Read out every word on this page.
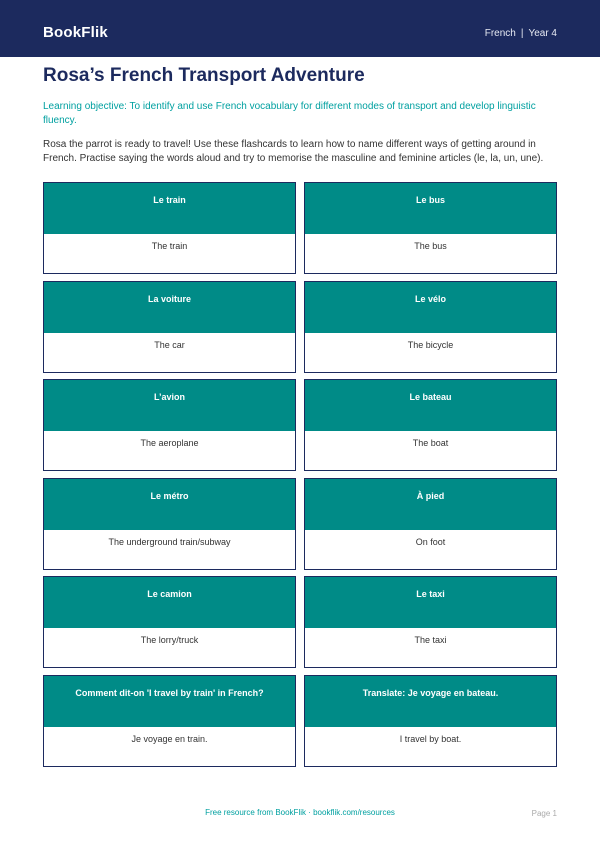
BookFlik	French | Year 4
Rosa’s French Transport Adventure

Learning objective: To identify and use French vocabulary for different modes of transport and develop linguistic fluency.

Rosa the parrot is ready to travel! Use these flashcards to learn how to name different ways of getting around in French. Practise saying the words aloud and try to memorise the masculine and feminine articles (le, la, un, une).

Le train
The train
Le bus
The bus
La voiture
The car
Le vélo
The bicycle
L’avion
The aeroplane
Le bateau
The boat
Le métro
The underground train/subway
À pied
On foot
Le camion
The lorry/truck
Le taxi
The taxi
Comment dit-on 'I travel by train' in French?
Je voyage en train.
Translate: Je voyage en bateau.
I travel by boat.
Free resource from BookFlik · bookflik.com/resources	Page 1
